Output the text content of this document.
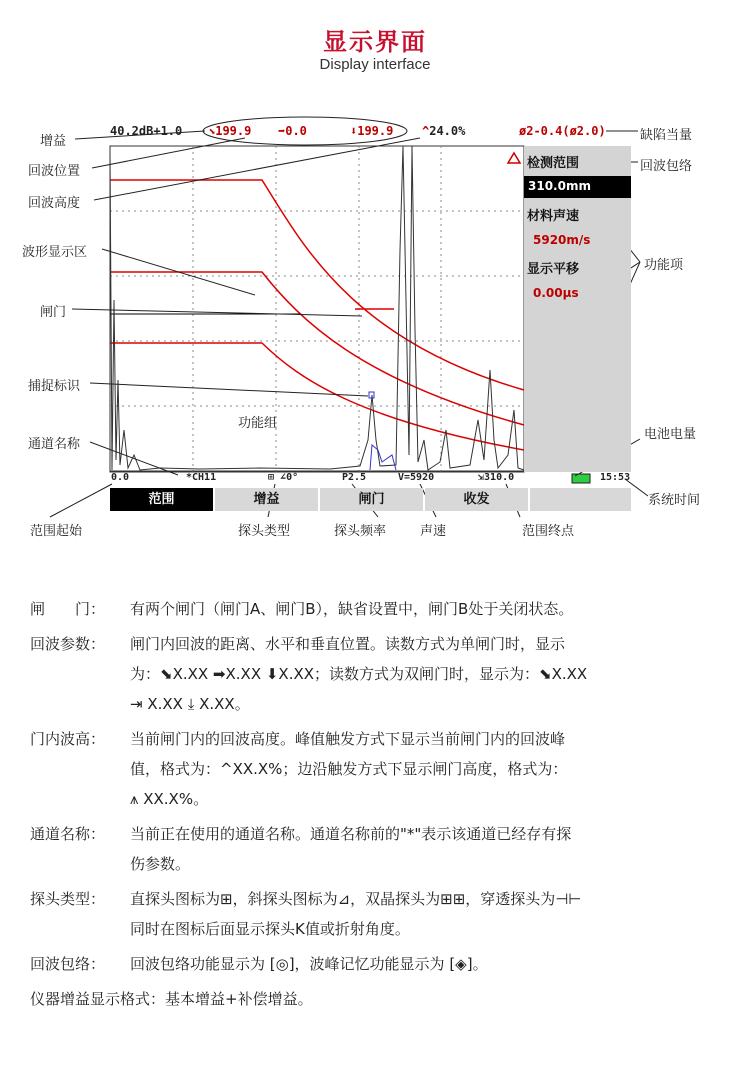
显示界面
Display interface
40.2dB+1.0 ⬊199.9 ➡0.0	⬇199.9 ^24.0%	ø2-0.4(ø2.0)
检测范围
310.0mm
材料声速
5920m/s
显示平移
0.00μs
0.0	*CH11	⊞ ∠0°	P2.5	V=5920	⇲310.0	15:53
范围	增益	闸门	收发
功能组
增益
回波位置
回波高度
波形显示区
闸门
捕捉标识
通道名称
范围起始	探头类型	探头频率	声速	范围终点
系统时间
电池电量
功能项
回波包络
缺陷当量
闸　　门：	有两个闸门（闸门A、闸门B），缺省设置中，闸门B处于关闭状态。
回波参数：	闸门内回波的距离、水平和垂直位置。读数方式为单闸门时，显示
为：⬊X.XX ➡X.XX ⬇X.XX；读数方式为双闸门时，显示为：⬊X.XX
⇥ X.XX ⤓ X.XX。
门内波高：	当前闸门内的回波高度。峰值触发方式下显示当前闸门内的回波峰
值，格式为：^XX.X%；边沿触发方式下显示闸门高度，格式为：
⩚ XX.X%。
通道名称：	当前正在使用的通道名称。通道名称前的"*"表示该通道已经存有探
伤参数。
探头类型：	直探头图标为⊞，斜探头图标为⊿，双晶探头为⊞⊞，穿透探头为⊣⊢
同时在图标后面显示探头K值或折射角度。
回波包络：	回波包络功能显示为 [◎]，波峰记忆功能显示为 [◈]。
仪器增益显示格式：基本增益+补偿增益。
